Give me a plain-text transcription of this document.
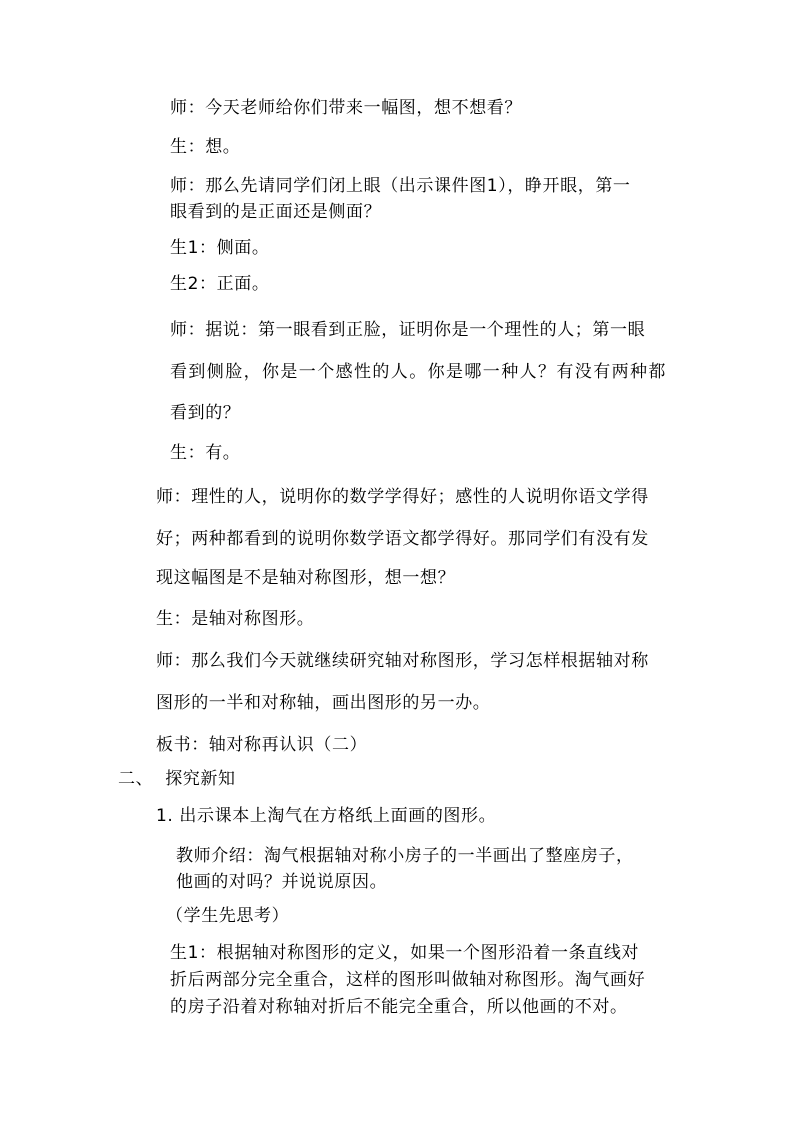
师：今天老师给你们带来一幅图，想不想看？
生：想。
师：那么先请同学们闭上眼（出示课件图1），睁开眼，第一
眼看到的是正面还是侧面？
生1：侧面。
生2：正面。
师：据说：第一眼看到正脸，证明你是一个理性的人；第一眼
看到侧脸，你是一个感性的人。你是哪一种人？有没有两种都
看到的？
生：有。
师：理性的人，说明你的数学学得好；感性的人说明你语文学得
好；两种都看到的说明你数学语文都学得好。那同学们有没有发
现这幅图是不是轴对称图形，想一想？
生：是轴对称图形。
师：那么我们今天就继续研究轴对称图形，学习怎样根据轴对称
图形的一半和对称轴，画出图形的另一办。
板书：轴对称再认识（二）
二、  探究新知
1. 出示课本上淘气在方格纸上面画的图形。
教师介绍：淘气根据轴对称小房子的一半画出了整座房子，
他画的对吗？并说说原因。
（学生先思考）
生1：根据轴对称图形的定义，如果一个图形沿着一条直线对
折后两部分完全重合，这样的图形叫做轴对称图形。淘气画好
的房子沿着对称轴对折后不能完全重合，所以他画的不对。
